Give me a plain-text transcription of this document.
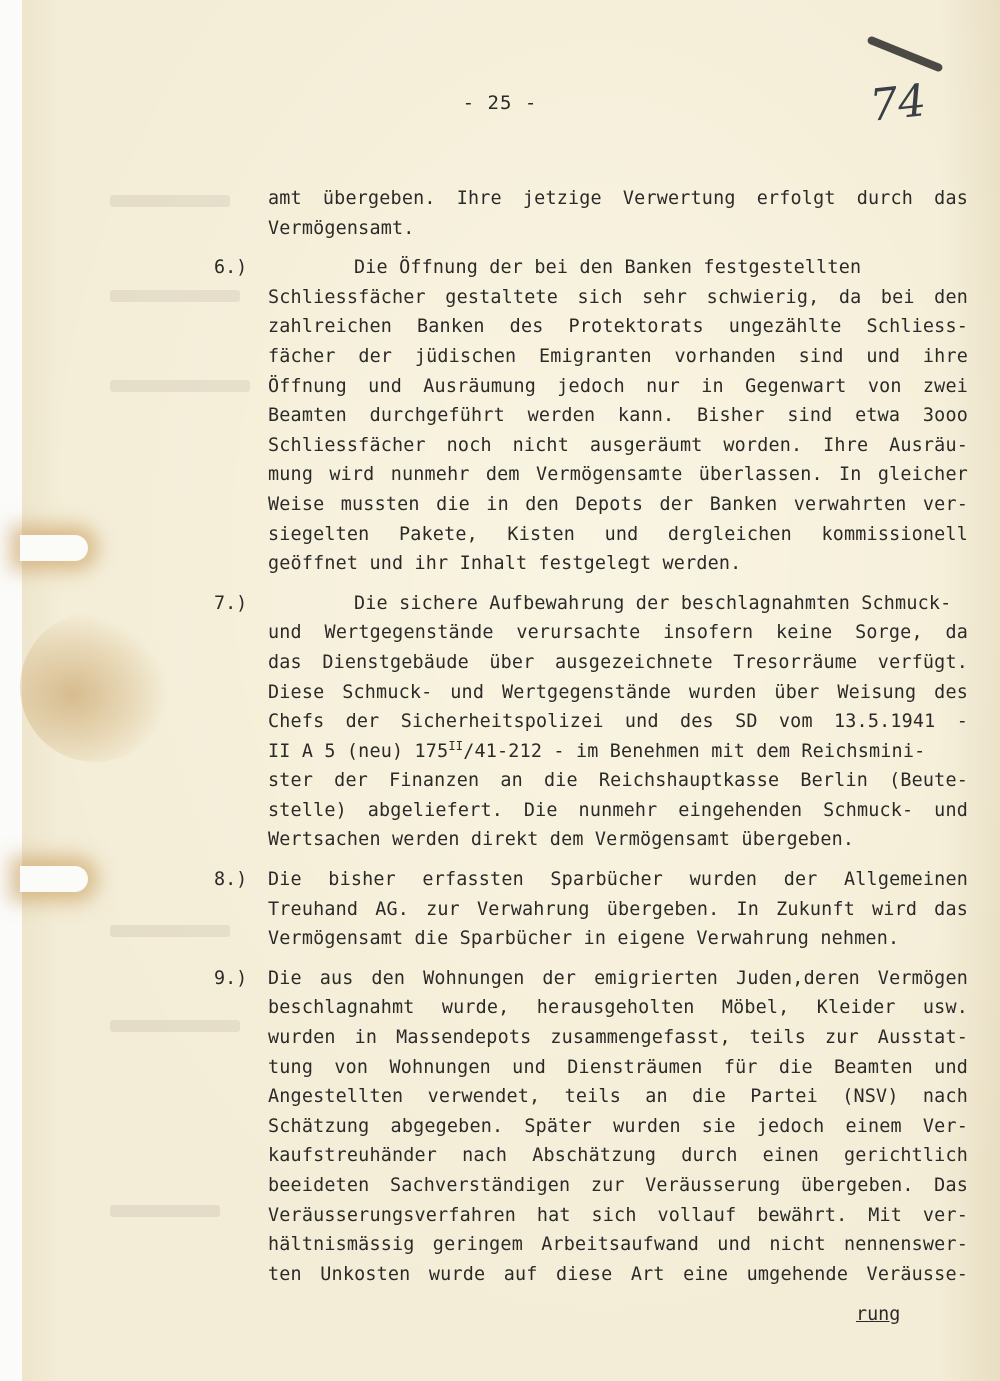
74
- 25 -
amt übergeben. Ihre jetzige Verwertung erfolgt durch das
Vermögensamt.
6.)	Die Öffnung der bei den Banken festgestellten
Schliessfächer gestaltete sich sehr schwierig, da bei den
zahlreichen Banken des Protektorats ungezählte Schliess-
fächer der jüdischen Emigranten vorhanden sind und ihre
Öffnung und Ausräumung jedoch nur in Gegenwart von zwei
Beamten durchgeführt werden kann. Bisher sind etwa 3ooo
Schliessfächer noch nicht ausgeräumt worden. Ihre Ausräu-
mung wird nunmehr dem Vermögensamte überlassen. In gleicher
Weise mussten die in den Depots der Banken verwahrten ver-
siegelten Pakete, Kisten und dergleichen kommissionell
geöffnet und ihr Inhalt festgelegt werden.
7.)	Die sichere Aufbewahrung der beschlagnahmten Schmuck-
und Wertgegenstände verursachte insofern keine Sorge, da
das Dienstgebäude über ausgezeichnete Tresorräume verfügt.
Diese Schmuck- und Wertgegenstände wurden über Weisung des
Chefs der Sicherheitspolizei und des SD vom 13.5.1941 -
II A 5 (neu) $175^{II}/41-212$ - im Benehmen mit dem Reichsmini-
ster der Finanzen an die Reichshauptkasse Berlin (Beute-
stelle) abgeliefert. Die nunmehr eingehenden Schmuck- und
Wertsachen werden direkt dem Vermögensamt übergeben.
8.) Die bisher erfassten Sparbücher wurden der Allgemeinen
Treuhand AG. zur Verwahrung übergeben. In Zukunft wird das
Vermögensamt die Sparbücher in eigene Verwahrung nehmen.
9.) Die aus den Wohnungen der emigrierten Juden,deren Vermögen
beschlagnahmt wurde, herausgeholten Möbel, Kleider usw.
wurden in Massendepots zusammengefasst, teils zur Ausstat-
tung von Wohnungen und Diensträumen für die Beamten und
Angestellten verwendet, teils an die Partei (NSV) nach
Schätzung abgegeben. Später wurden sie jedoch einem Ver-
kaufstreuhänder nach Abschätzung durch einen gerichtlich
beeideten Sachverständigen zur Veräusserung übergeben. Das
Veräusserungsverfahren hat sich vollauf bewährt. Mit ver-
hältnismässig geringem Arbeitsaufwand und nicht nennenswer-
ten Unkosten wurde auf diese Art eine umgehende Veräusse-
rung
